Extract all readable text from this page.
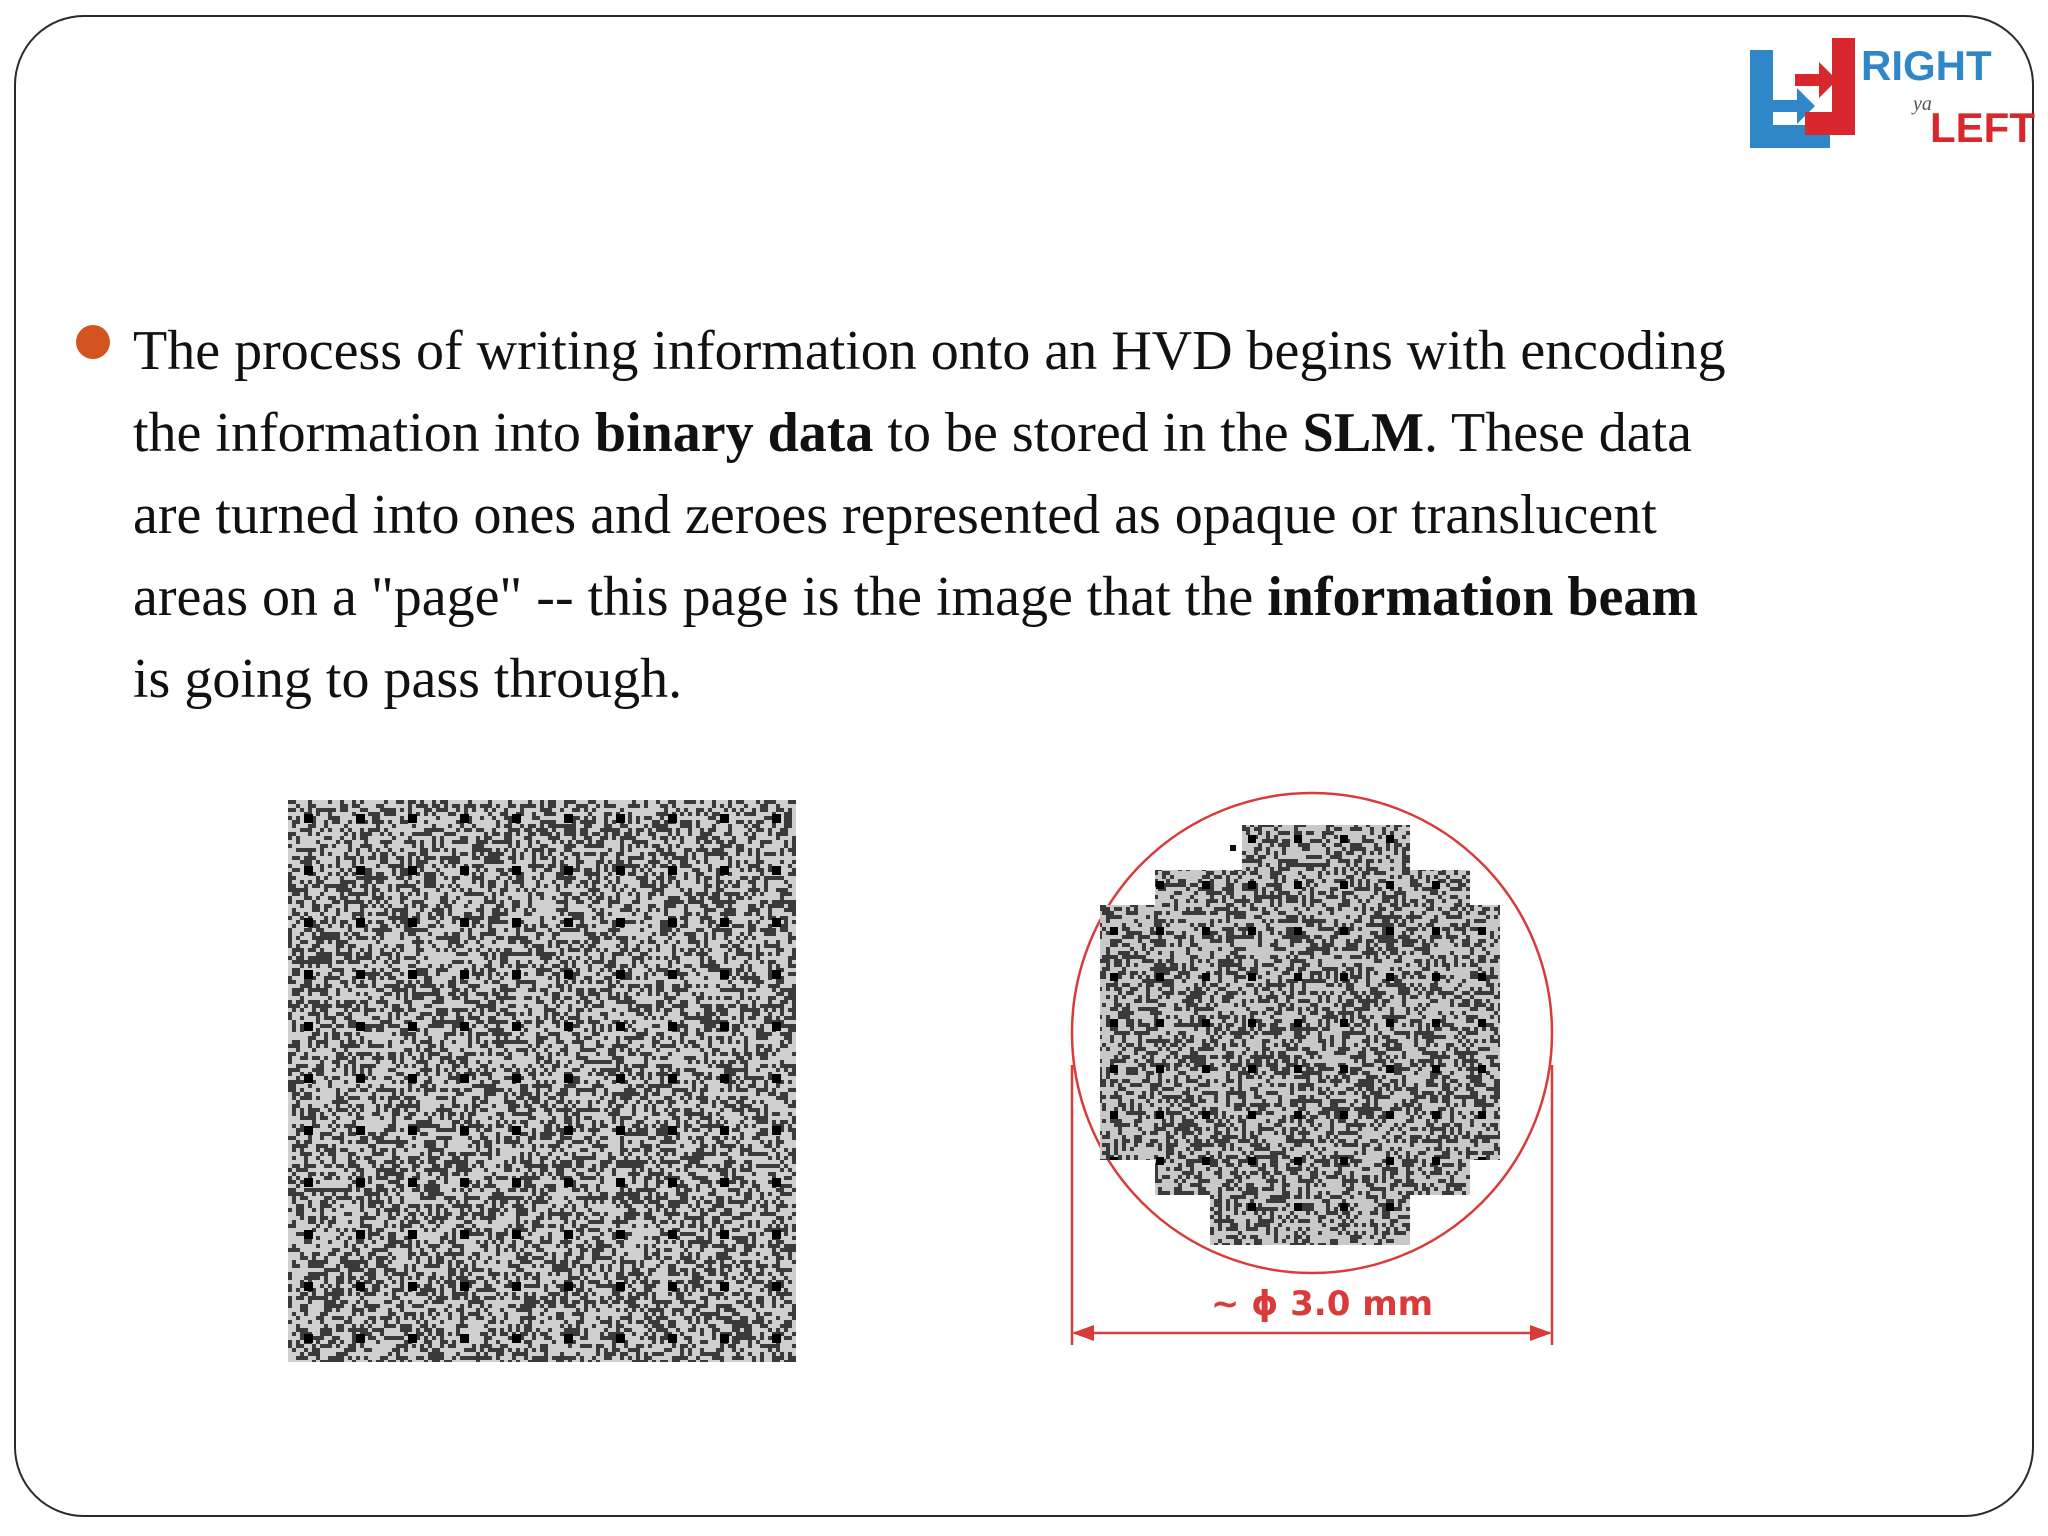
RIGHT
ya
LEFT

The process of writing information onto an HVD begins with encoding the information into binary data to be stored in the SLM. These data are turned into ones and zeroes represented as opaque or translucent areas on a "page" -- this page is the image that the information beam is going to pass through.

~ ϕ 3.0 mm
